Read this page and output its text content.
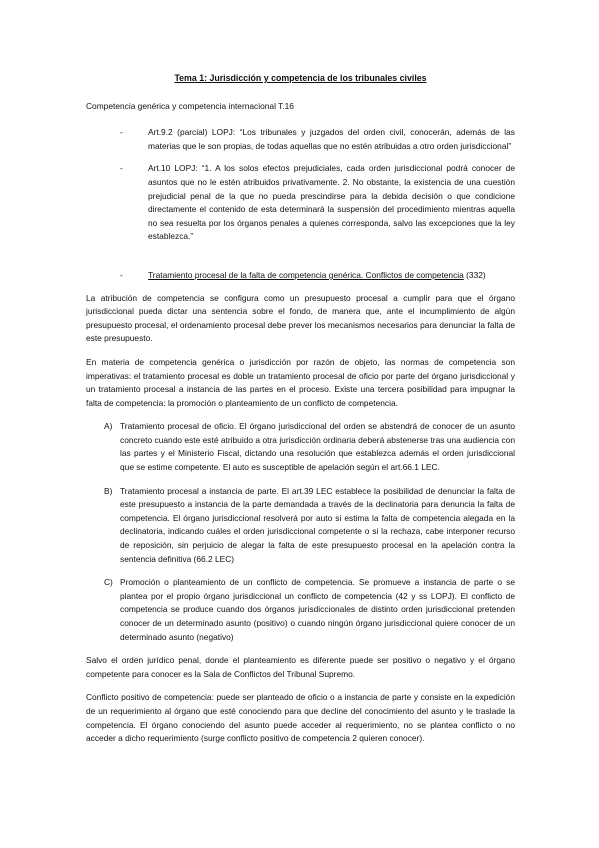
Tema 1: Jurisdicción y competencia de los tribunales civiles
Competencia genérica y competencia internacional T.16
-	Art.9.2 (parcial) LOPJ: “Los tribunales y juzgados del orden civil, conocerán, además de las materias que le son propias, de todas aquellas que no estén atribuidas a otro orden jurisdiccional”
-	Art.10 LOPJ: “1. A los solos efectos prejudiciales, cada orden jurisdiccional podrá conocer de asuntos que no le estén atribuidos privativamente. 2. No obstante, la existencia de una cuestión prejudicial penal de la que no pueda prescindirse para la debida decisión o que condicione directamente el contenido de esta determinará la suspensión del procedimiento mientras aquella no sea resuelta por los órganos penales a quienes corresponda, salvo las excepciones que la ley establezca.”
-	Tratamiento procesal de la falta de competencia genérica. Conflictos de competencia (332)

La atribución de competencia se configura como un presupuesto procesal a cumplir para que el órgano jurisdiccional pueda dictar una sentencia sobre el fondo, de manera que, ante el incumplimiento de algún presupuesto procesal, el ordenamiento procesal debe prever los mecanismos necesarios para denunciar la falta de este presupuesto.

En materia de competencia genérica o jurisdicción por razón de objeto, las normas de competencia son imperativas: el tratamiento procesal es doble un tratamiento procesal de oficio por parte del órgano jurisdiccional y un tratamiento procesal a instancia de las partes en el proceso. Existe una tercera posibilidad para impugnar la falta de competencia: la promoción o planteamiento de un conflicto de competencia.

A) Tratamiento procesal de oficio. El órgano jurisdiccional del orden se abstendrá de conocer de un asunto concreto cuando este esté atribuido a otra jurisdicción ordinaria deberá abstenerse tras una audiencia con las partes y el Ministerio Fiscal, dictando una resolución que establezca además el orden jurisdiccional que se estime competente. El auto es susceptible de apelación según el art.66.1 LEC.
B) Tratamiento procesal a instancia de parte. El art.39 LEC establece la posibilidad de denunciar la falta de este presupuesto a instancia de la parte demandada a través de la declinatoria para denuncia la falta de competencia. El órgano jurisdiccional resolverá por auto si estima la falta de competencia alegada en la declinatoria, indicando cuáles el orden jurisdiccional competente o si la rechaza, cabe interponer recurso de reposición, sin perjuicio de alegar la falta de este presupuesto procesal en la apelación contra la sentencia definitiva (66.2 LEC)
C) Promoción o planteamiento de un conflicto de competencia. Se promueve a instancia de parte o se plantea por el propio órgano jurisdiccional un conflicto de competencia (42 y ss LOPJ). El conflicto de competencia se produce cuando dos órganos jurisdiccionales de distinto orden jurisdiccional pretenden conocer de un determinado asunto (positivo) o cuando ningún órgano jurisdiccional quiere conocer de un determinado asunto (negativo)

Salvo el orden jurídico penal, donde el planteamiento es diferente puede ser positivo o negativo y el órgano competente para conocer es la Sala de Conflictos del Tribunal Supremo.

Conflicto positivo de competencia: puede ser planteado de oficio o a instancia de parte y consiste en la expedición de un requerimiento al órgano que esté conociendo para que decline del conocimiento del asunto y le traslade la competencia. El órgano conociendo del asunto puede acceder al requerimiento, no se plantea conflicto o no acceder a dicho requerimiento (surge conflicto positivo de competencia 2 quieren conocer).
